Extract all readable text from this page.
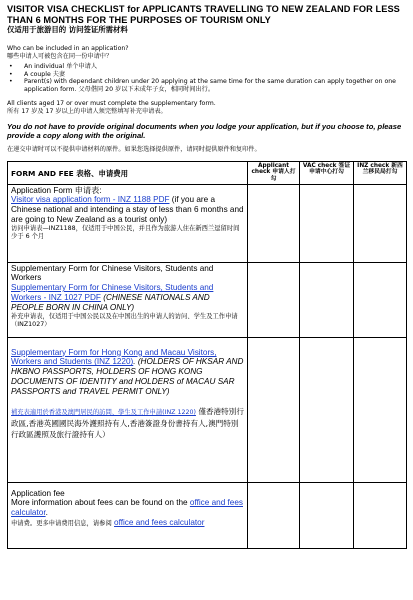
VISITOR VISA CHECKLIST for APPLICANTS TRAVELLING TO NEW ZEALAND FOR LESS THAN 6 MONTHS FOR THE PURPOSES OF TOURISM ONLY
仅适用于旅游目的 访问签证所需材料
Who can be included in an application?
哪些申请人可被包含在同一份申请中？
• An individual 单个申请人
• A couple 夫妻
• Parent(s) with dependant children under 20 applying at the same time for the same duration can apply together on one application form. 父母偕同 20 岁以下未成年子女，相同时间出行。
All clients aged 17 or over must complete the supplementary form.
所有 17 岁及 17 岁以上的申请人须完整填写补充申请表。
You do not have to provide original documents when you lodge your application, but if you choose to, please provide a copy along with the original.
在递交申请时可以不提供申请材料的原件。如果您选择提供原件，请同时提供原件和复印件。
FORM AND FEE 表格、申请费用	Applicant check 申请人打勾	VAC check 签证申请中心打勾	INZ check 新西兰移民局打勾

Application Form 申请表:
Visitor visa application form - INZ 1188 PDF (if you are a Chinese national and intending a stay of less than 6 months and are going to New Zealand as a tourist only)
访问申请表—INZ1188，仅适用于中国公民，并且作为旅游人住在新西兰逗留时间少于 6 个月			

Supplementary Form for Chinese Visitors, Students and Workers
Supplementary Form for Chinese Visitors, Students and Workers - INZ 1027 PDF (CHINESE NATIONALS AND PEOPLE BORN IN CHINA ONLY)
补充申请表，仅适用于中国公民以及在中国出生的申请人的访问、学生及工作申请（INZ1027）			

Supplementary Form for Hong Kong and Macau Visitors, Workers and Students (INZ 1220). (HOLDERS OF HKSAR AND HKBNO PASSPORTS, HOLDERS OF HONG KONG DOCUMENTS OF IDENTITY and HOLDERS of MACAU SAR PASSPORTS and TRAVEL PERMIT ONLY)
補充表適用於香港及澳門居民的訪問、學生及工作申請(INZ 1220) 僅香港特別行政區,香港英國國民海外護照持有人,香港簽證身份書持有人,澳門特別行政區護照及旅行證持有人）			

Application fee
More information about fees can be found on the office and fees calculator.
申请费。更多申请费用信息，请参阅 office and fees calculator			
